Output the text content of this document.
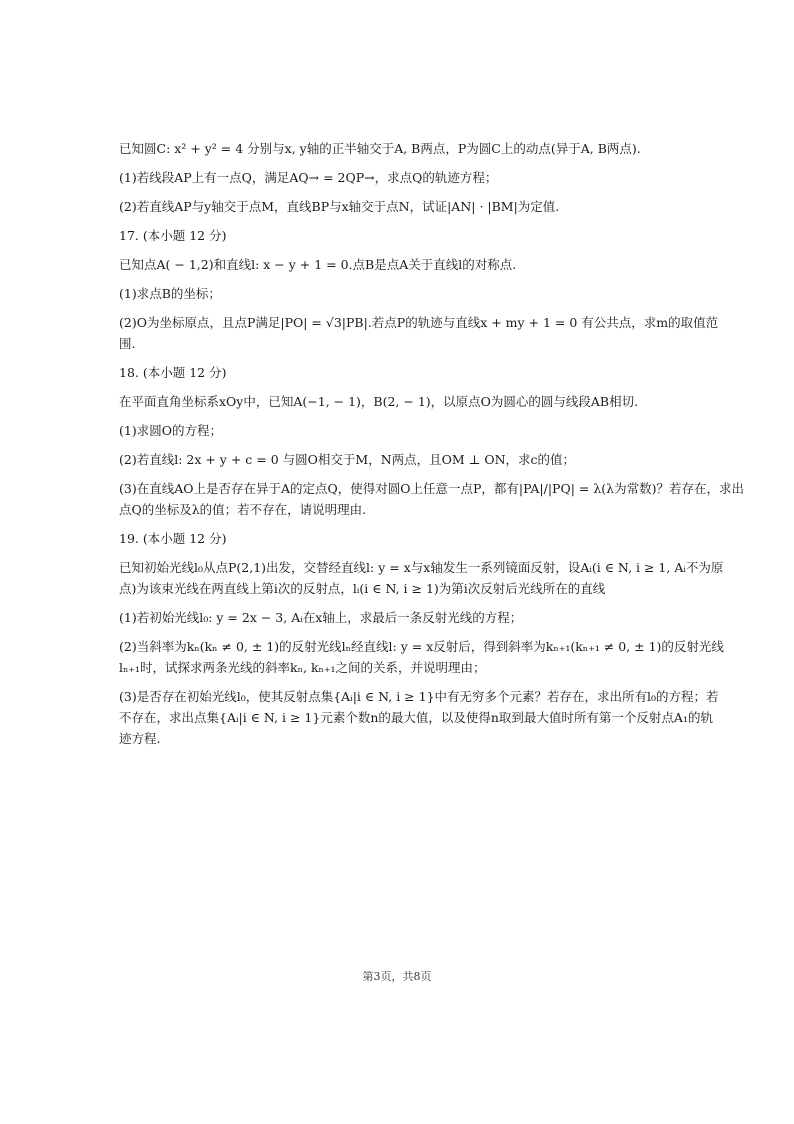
已知圆C: x² + y² = 4 分别与x, y轴的正半轴交于A, B两点，P为圆C上的动点(异于A, B两点).
(1)若线段AP上有一点Q，满足AQ→ = 2QP→，求点Q的轨迹方程；
(2)若直线AP与y轴交于点M，直线BP与x轴交于点N，试证|AN| · |BM|为定值.
17. (本小题 12 分)
已知点A( − 1,2)和直线l: x − y + 1 = 0.点B是点A关于直线l的对称点.
(1)求点B的坐标；
(2)O为坐标原点，且点P满足|PO| = √3|PB|.若点P的轨迹与直线x + my + 1 = 0 有公共点，求m的取值范
围.
18. (本小题 12 分)
在平面直角坐标系xOy中，已知A(−1, − 1)，B(2, − 1)，以原点O为圆心的圆与线段AB相切.
(1)求圆O的方程；
(2)若直线l: 2x + y + c = 0 与圆O相交于M，N两点，且OM ⊥ ON，求c的值；
(3)在直线AO上是否存在异于A的定点Q，使得对圆O上任意一点P，都有|PA|/|PQ| = λ(λ为常数)？若存在，求出
点Q的坐标及λ的值；若不存在，请说明理由.
19. (本小题 12 分)
已知初始光线l₀从点P(2,1)出发，交替经直线l: y = x与x轴发生一系列镜面反射，设Aᵢ(i ∈ N, i ≥ 1, Aᵢ不为原
点)为该束光线在两直线上第i次的反射点，lᵢ(i ∈ N, i ≥ 1)为第i次反射后光线所在的直线
(1)若初始光线l₀: y = 2x − 3, Aᵢ在x轴上，求最后一条反射光线的方程；
(2)当斜率为kₙ(kₙ ≠ 0, ± 1)的反射光线lₙ经直线l: y = x反射后，得到斜率为kₙ₊₁(kₙ₊₁ ≠ 0, ± 1)的反射光线
lₙ₊₁时，试探求两条光线的斜率kₙ, kₙ₊₁之间的关系，并说明理由；
(3)是否存在初始光线l₀，使其反射点集{Aᵢ|i ∈ N, i ≥ 1}中有无穷多个元素？若存在，求出所有l₀的方程；若
不存在，求出点集{Aᵢ|i ∈ N, i ≥ 1}元素个数n的最大值，以及使得n取到最大值时所有第一个反射点A₁的轨
迹方程.
第3页，共8页
